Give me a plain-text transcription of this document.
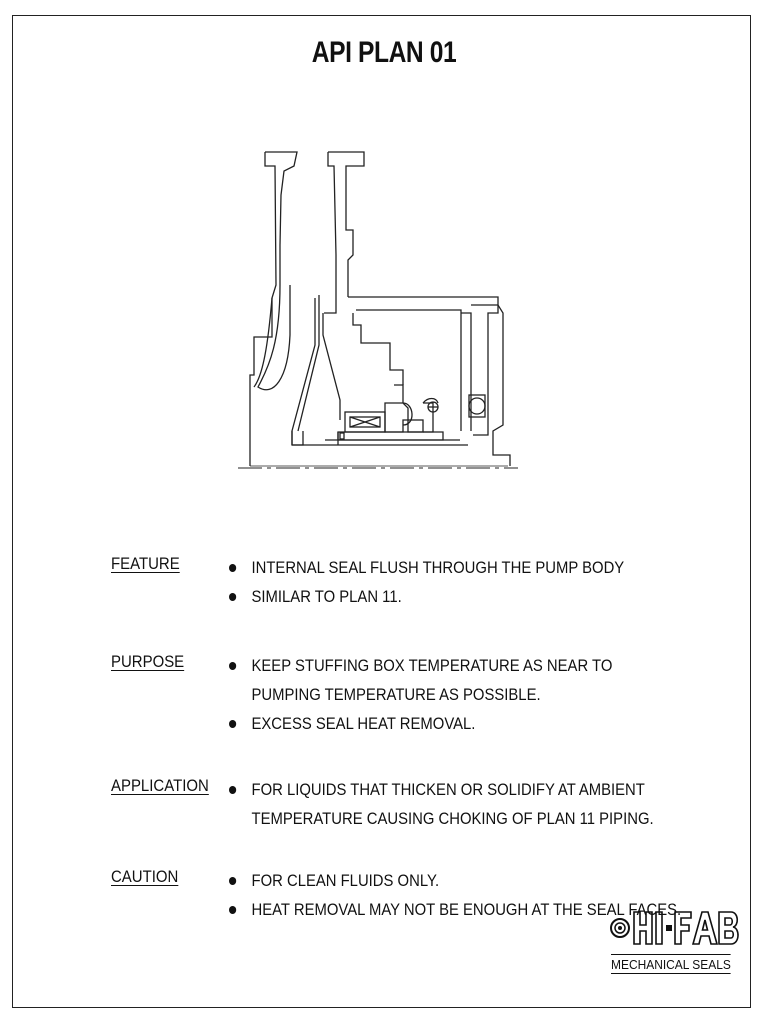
API PLAN 01
FEATURE	INTERNAL SEAL FLUSH THROUGH THE PUMP BODY
SIMILAR TO PLAN 11.
PURPOSE	KEEP STUFFING BOX TEMPERATURE AS NEAR TO
PUMPING TEMPERATURE AS POSSIBLE.
EXCESS SEAL HEAT REMOVAL.
APPLICATION	FOR LIQUIDS THAT THICKEN OR SOLIDIFY AT AMBIENT
TEMPERATURE CAUSING CHOKING OF PLAN 11 PIPING.
CAUTION	FOR CLEAN FLUIDS ONLY.
HEAT REMOVAL MAY NOT BE ENOUGH AT THE SEAL FACES.
MECHANICAL SEALS
